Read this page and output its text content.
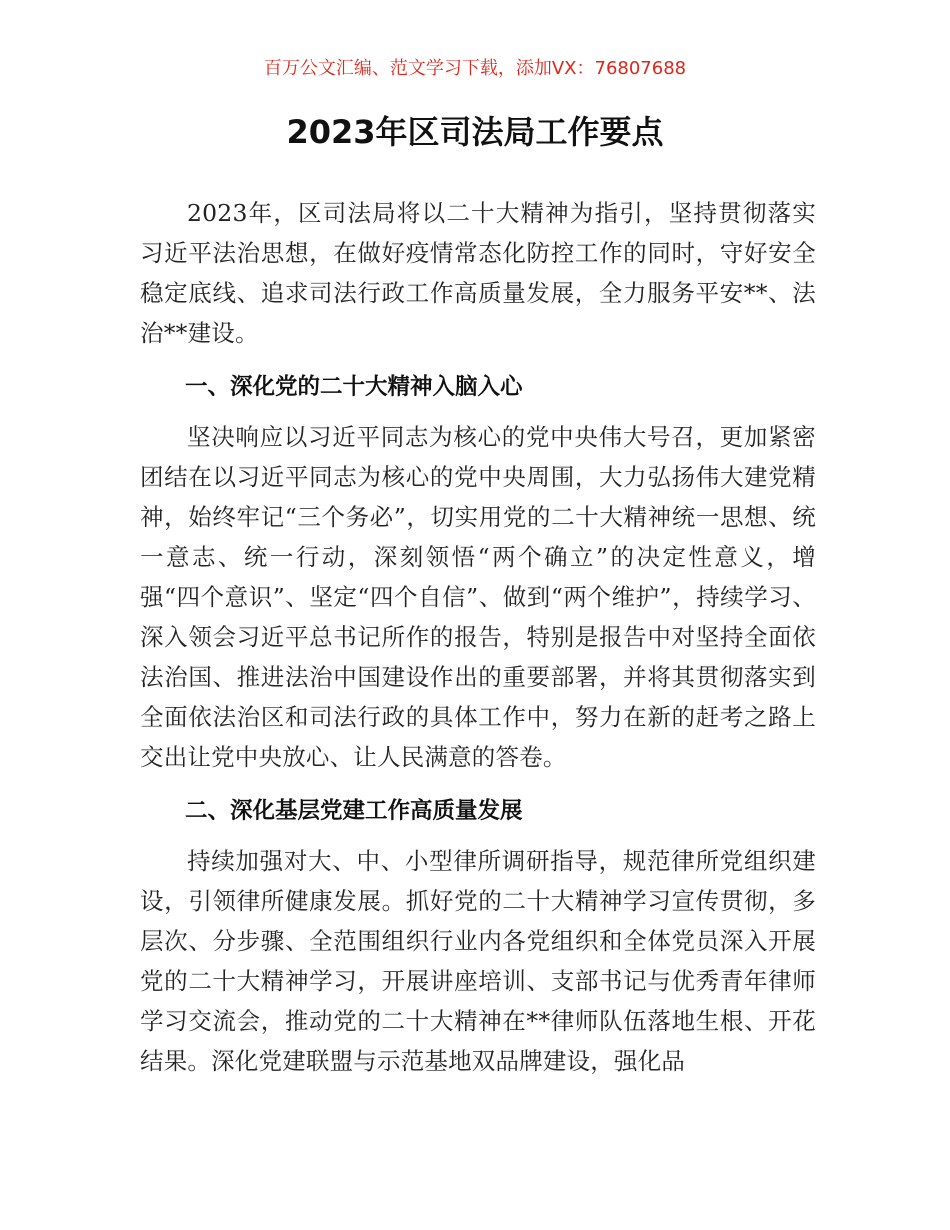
百万公文汇编、范文学习下载，添加VX：76807688
2023年区司法局工作要点

2023年，区司法局将以二十大精神为指引，坚持贯彻落实习近平法治思想，在做好疫情常态化防控工作的同时，守好安全稳定底线、追求司法行政工作高质量发展，全力服务平安**、法治**建设。

一、深化党的二十大精神入脑入心

坚决响应以习近平同志为核心的党中央伟大号召，更加紧密团结在以习近平同志为核心的党中央周围，大力弘扬伟大建党精神，始终牢记“三个务必”，切实用党的二十大精神统一思想、统一意志、统一行动，深刻领悟“两个确立”的决定性意义，增强“四个意识”、坚定“四个自信”、做到“两个维护”，持续学习、深入领会习近平总书记所作的报告，特别是报告中对坚持全面依法治国、推进法治中国建设作出的重要部署，并将其贯彻落实到全面依法治区和司法行政的具体工作中，努力在新的赶考之路上交出让党中央放心、让人民满意的答卷。

二、深化基层党建工作高质量发展

持续加强对大、中、小型律所调研指导，规范律所党组织建设，引领律所健康发展。抓好党的二十大精神学习宣传贯彻，多层次、分步骤、全范围组织行业内各党组织和全体党员深入开展党的二十大精神学习，开展讲座培训、支部书记与优秀青年律师学习交流会，推动党的二十大精神在**律师队伍落地生根、开花结果。深化党建联盟与示范基地双品牌建设，强化品
